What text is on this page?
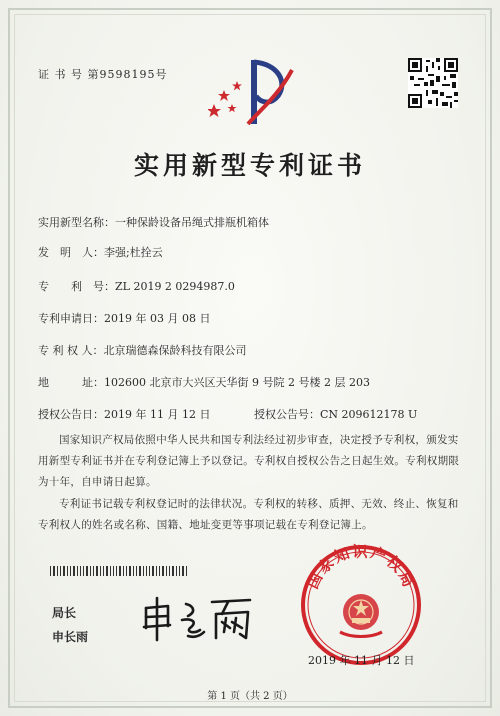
证 书 号 第9598195号
实用新型专利证书
实用新型名称：一种保龄设备吊绳式排瓶机箱体
发　明　人：李强;杜拴云
专　　利　号：ZL 2019 2 0294987.0
专利申请日：2019 年 03 月 08 日
专 利 权 人：北京瑞德森保龄科技有限公司
地　　　址：102600 北京市大兴区天华街 9 号院 2 号楼 2 层 203
授权公告日：2019 年 11 月 12 日	授权公告号：CN 209612178 U
国家知识产权局依照中华人民共和国专利法经过初步审查，决定授予专利权，颁发实用新型专利证书并在专利登记簿上予以登记。专利权自授权公告之日起生效。专利权期限为十年，自申请日起算。
专利证书记载专利权登记时的法律状况。专利权的转移、质押、无效、终止、恢复和专利权人的姓名或名称、国籍、地址变更等事项记载在专利登记簿上。
局长
申长雨
国家知识产权局
2019 年 11 月 12 日
第 1 页（共 2 页）
